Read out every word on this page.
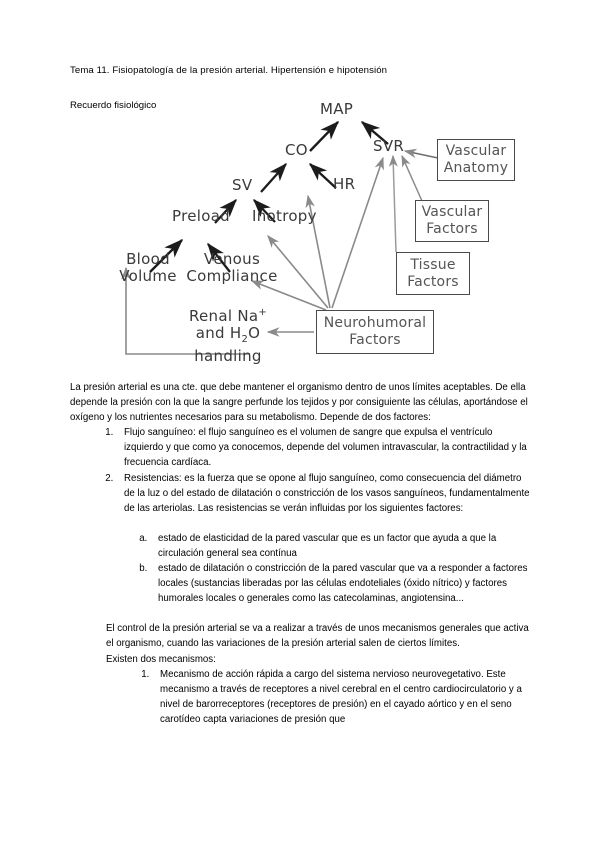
Tema 11. Fisiopatología de la presión arterial. Hipertensión e hipotensión
Recuerdo fisiológico	MAP
CO	SVR
SV	HR
Preload Inotropy
Blood
Volume
Venous
Compliance
Renal Na+
and $H_2O$
handling
Vascular
Anatomy
Vascular
Factors
Tissue
Factors
Neurohumoral
Factors

La presión arterial es una cte. que debe mantener el organismo dentro de unos límites aceptables. De ella depende la presión con la que la sangre perfunde los tejidos y por consiguiente las células, aportándose el oxígeno y los nutrientes necesarios para su metabolismo. Depende de dos factores:

1. Flujo sanguíneo: el flujo sanguíneo es el volumen de sangre que expulsa el ventrículo izquierdo y que como ya conocemos, depende del volumen intravascular, la contractilidad y la frecuencia cardíaca.
2. Resistencias: es la fuerza que se opone al flujo sanguíneo, como consecuencia del diámetro de la luz o del estado de dilatación o constricción de los vasos sanguíneos, fundamentalmente de las arteriolas. Las resistencias se verán influidas por los siguientes factores:
a. estado de elasticidad de la pared vascular que es un factor que ayuda a que la circulación general sea contínua
b. estado de dilatación o constricción de la pared vascular que va a responder a factores locales (sustancias liberadas por las células endoteliales (óxido nítrico) y factores humorales locales o generales como las catecolaminas, angiotensina...

El control de la presión arterial se va a realizar a través de unos mecanismos generales que activa el organismo, cuando las variaciones de la presión arterial salen de ciertos límites.

Existen dos mecanismos:

1. Mecanismo de acción rápida a cargo del sistema nervioso neurovegetativo. Este mecanismo a través de receptores a nivel cerebral en el centro cardiocirculatorio y a nivel de barorreceptores (receptores de presión) en el cayado aórtico y en el seno carotídeo capta variaciones de presión que
